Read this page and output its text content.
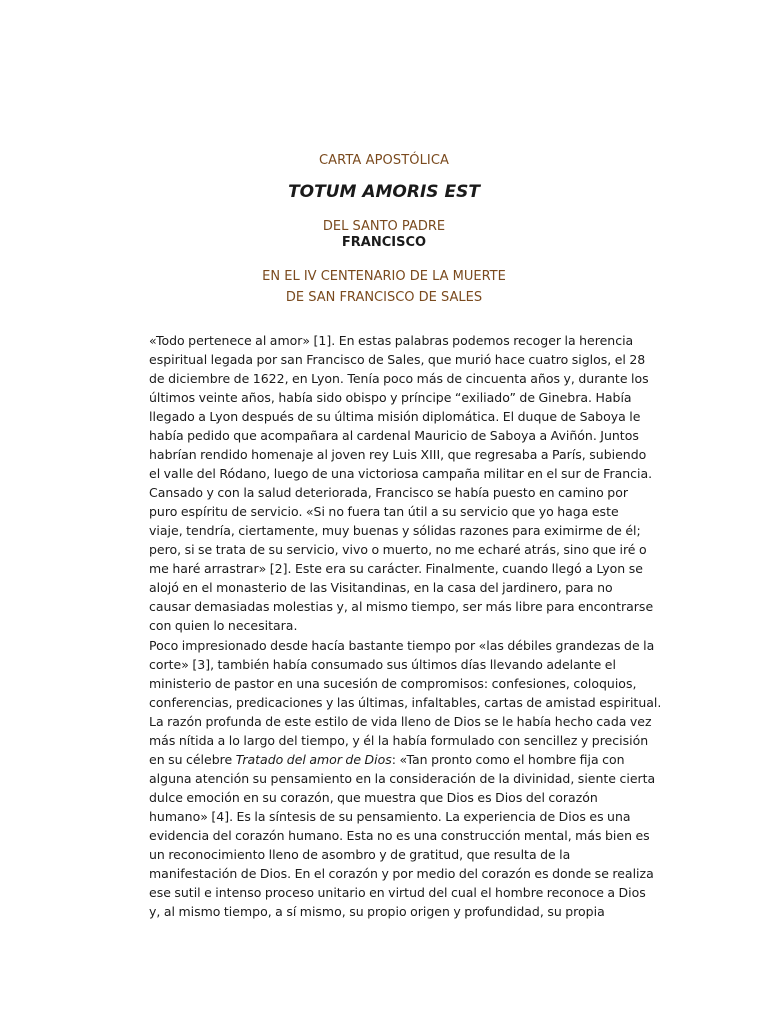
CARTA APOSTÓLICA
TOTUM AMORIS EST
DEL SANTO PADRE
FRANCISCO
EN EL IV CENTENARIO DE LA MUERTE
DE SAN FRANCISCO DE SALES
«Todo pertenece al amor» [1]. En estas palabras podemos recoger la herencia
espiritual legada por san Francisco de Sales, que murió hace cuatro siglos, el 28
de diciembre de 1622, en Lyon. Tenía poco más de cincuenta años y, durante los
últimos veinte años, había sido obispo y príncipe “exiliado” de Ginebra. Había
llegado a Lyon después de su última misión diplomática. El duque de Saboya le
había pedido que acompañara al cardenal Mauricio de Saboya a Aviñón. Juntos
habrían rendido homenaje al joven rey Luis XIII, que regresaba a París, subiendo
el valle del Ródano, luego de una victoriosa campaña militar en el sur de Francia.
Cansado y con la salud deteriorada, Francisco se había puesto en camino por
puro espíritu de servicio. «Si no fuera tan útil a su servicio que yo haga este
viaje, tendría, ciertamente, muy buenas y sólidas razones para eximirme de él;
pero, si se trata de su servicio, vivo o muerto, no me echaré atrás, sino que iré o
me haré arrastrar» [2]. Este era su carácter. Finalmente, cuando llegó a Lyon se
alojó en el monasterio de las Visitandinas, en la casa del jardinero, para no
causar demasiadas molestias y, al mismo tiempo, ser más libre para encontrarse
con quien lo necesitara.
Poco impresionado desde hacía bastante tiempo por «las débiles grandezas de la
corte» [3], también había consumado sus últimos días llevando adelante el
ministerio de pastor en una sucesión de compromisos: confesiones, coloquios,
conferencias, predicaciones y las últimas, infaltables, cartas de amistad espiritual.
La razón profunda de este estilo de vida lleno de Dios se le había hecho cada vez
más nítida a lo largo del tiempo, y él la había formulado con sencillez y precisión
en su célebre Tratado del amor de Dios: «Tan pronto como el hombre fija con
alguna atención su pensamiento en la consideración de la divinidad, siente cierta
dulce emoción en su corazón, que muestra que Dios es Dios del corazón
humano» [4]. Es la síntesis de su pensamiento. La experiencia de Dios es una
evidencia del corazón humano. Esta no es una construcción mental, más bien es
un reconocimiento lleno de asombro y de gratitud, que resulta de la
manifestación de Dios. En el corazón y por medio del corazón es donde se realiza
ese sutil e intenso proceso unitario en virtud del cual el hombre reconoce a Dios
y, al mismo tiempo, a sí mismo, su propio origen y profundidad, su propia
